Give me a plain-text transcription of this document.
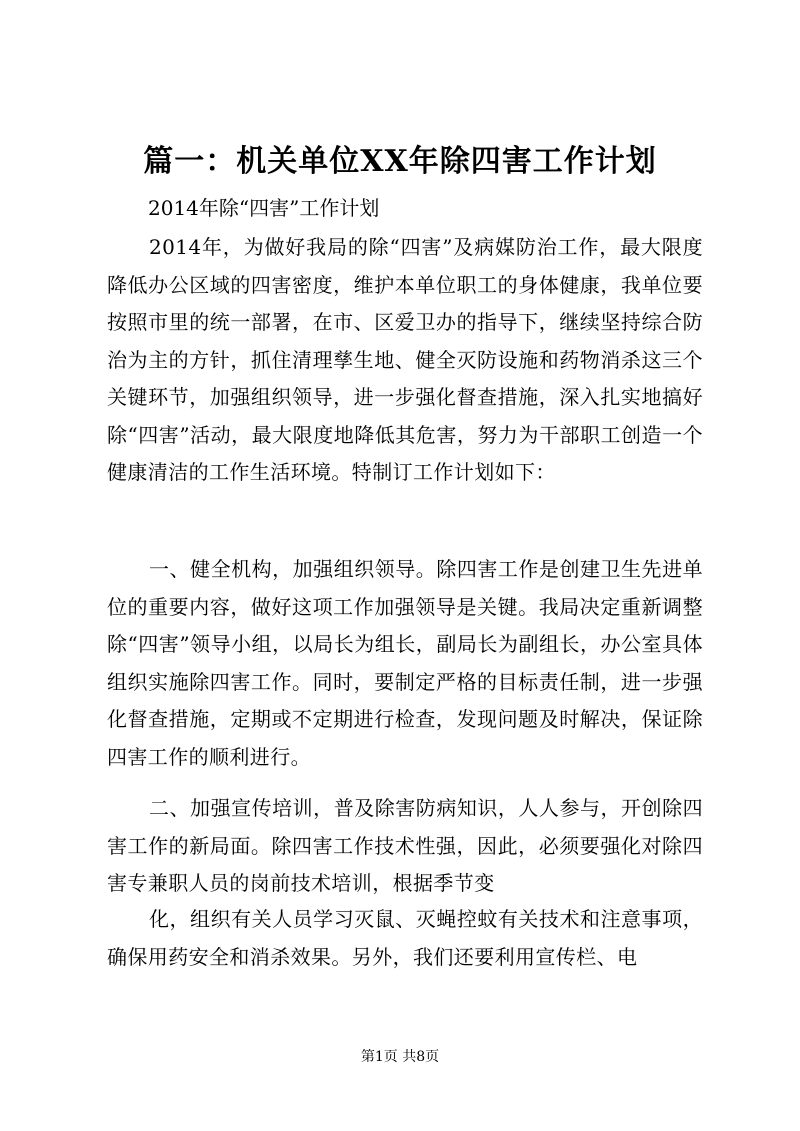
篇一：机关单位XX年除四害工作计划

2014年除“四害”工作计划

2014年，为做好我局的除“四害”及病媒防治工作，最大限度降低办公区域的四害密度，维护本单位职工的身体健康，我单位要按照市里的统一部署，在市、区爱卫办的指导下，继续坚持综合防治为主的方针，抓住清理孳生地、健全灭防设施和药物消杀这三个关键环节，加强组织领导，进一步强化督查措施，深入扎实地搞好除“四害”活动，最大限度地降低其危害，努力为干部职工创造一个健康清洁的工作生活环境。特制订工作计划如下：

一、健全机构，加强组织领导。除四害工作是创建卫生先进单位的重要内容，做好这项工作加强领导是关键。我局决定重新调整除“四害”领导小组，以局长为组长，副局长为副组长，办公室具体组织实施除四害工作。同时，要制定严格的目标责任制，进一步强化督查措施，定期或不定期进行检查，发现问题及时解决，保证除四害工作的顺利进行。

二、加强宣传培训，普及除害防病知识，人人参与，开创除四害工作的新局面。除四害工作技术性强，因此，必须要强化对除四害专兼职人员的岗前技术培训，根据季节变

化，组织有关人员学习灭鼠、灭蝇控蚊有关技术和注意事项，确保用药安全和消杀效果。另外，我们还要利用宣传栏、电

第1页 共8页
